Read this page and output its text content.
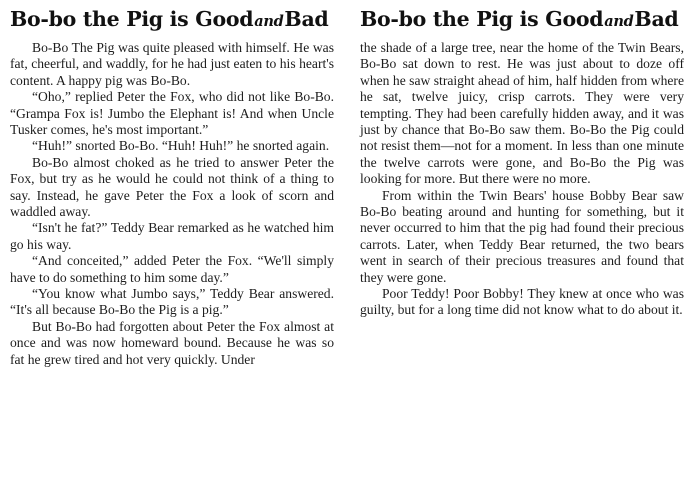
Bo-bo the Pig is GoodandBad

Bo-Bo The Pig was quite pleased with himself. He was fat, cheerful, and waddly, for he had just eaten to his heart's content. A happy pig was Bo-Bo.

“Oho,” replied Peter the Fox, who did not like Bo-Bo. “Grampa Fox is! Jumbo the Elephant is! And when Uncle Tusker comes, he's most important.”

“Huh!” snorted Bo-Bo. “Huh! Huh!” he snorted again.

Bo-Bo almost choked as he tried to answer Peter the Fox, but try as he would he could not think of a thing to say. Instead, he gave Peter the Fox a look of scorn and waddled away.

“Isn't he fat?” Teddy Bear remarked as he watched him go his way.

“And conceited,” added Peter the Fox. “We'll simply have to do something to him some day.”

“You know what Jumbo says,” Teddy Bear answered. “It's all because Bo-Bo the Pig is a pig.”

But Bo-Bo had forgotten about Peter the Fox almost at once and was now homeward bound. Because he was so fat he grew tired and hot very quickly. Under

Bo-bo the Pig is GoodandBad

the shade of a large tree, near the home of the Twin Bears, Bo-Bo sat down to rest. He was just about to doze off when he saw straight ahead of him, half hidden from where he sat, twelve juicy, crisp carrots. They were very tempting. They had been carefully hidden away, and it was just by chance that Bo-Bo saw them. Bo-Bo the Pig could not resist them—not for a moment. In less than one minute the twelve carrots were gone, and Bo-Bo the Pig was looking for more. But there were no more.

From within the Twin Bears' house Bobby Bear saw Bo-Bo beating around and hunting for something, but it never occurred to him that the pig had found their precious carrots. Later, when Teddy Bear returned, the two bears went in search of their precious treasures and found that they were gone.

Poor Teddy! Poor Bobby! They knew at once who was guilty, but for a long time did not know what to do about it.
